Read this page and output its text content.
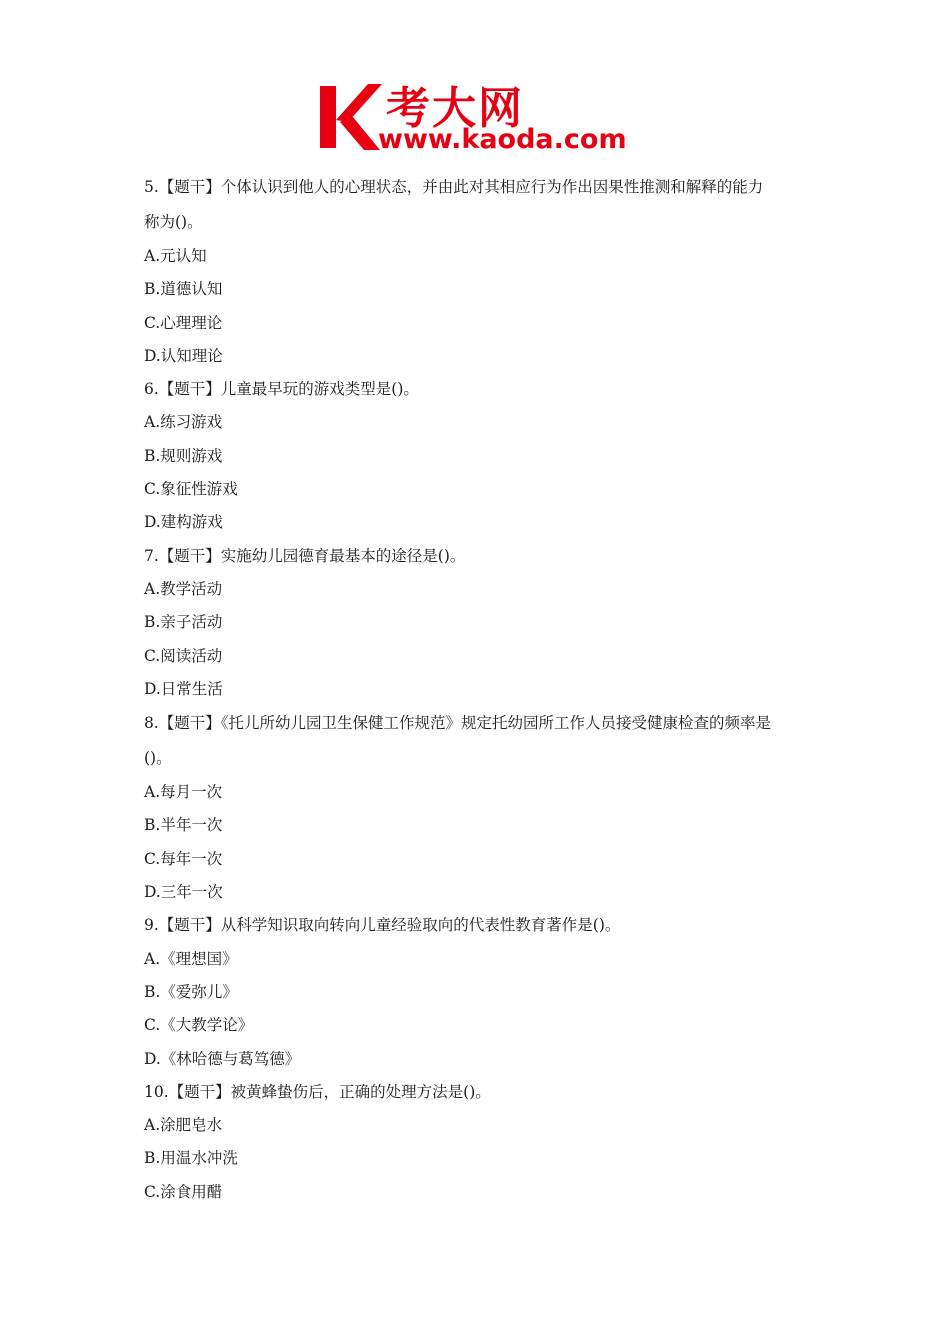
考大网
www.kaoda.com
5.【题干】个体认识到他人的心理状态，并由此对其相应行为作出因果性推测和解释的能力
称为()。
A.元认知
B.道德认知
C.心理理论
D.认知理论
6.【题干】儿童最早玩的游戏类型是()。
A.练习游戏
B.规则游戏
C.象征性游戏
D.建构游戏
7.【题干】实施幼儿园德育最基本的途径是()。
A.教学活动
B.亲子活动
C.阅读活动
D.日常生活
8.【题干】《托儿所幼儿园卫生保健工作规范》规定托幼园所工作人员接受健康检查的频率是
()。
A.每月一次
B.半年一次
C.每年一次
D.三年一次
9.【题干】从科学知识取向转向儿童经验取向的代表性教育著作是()。
A.《理想国》
B.《爱弥儿》
C.《大教学论》
D.《林哈德与葛笃德》
10.【题干】被黄蜂蛰伤后，正确的处理方法是()。
A.涂肥皂水
B.用温水冲洗
C.涂食用醋
